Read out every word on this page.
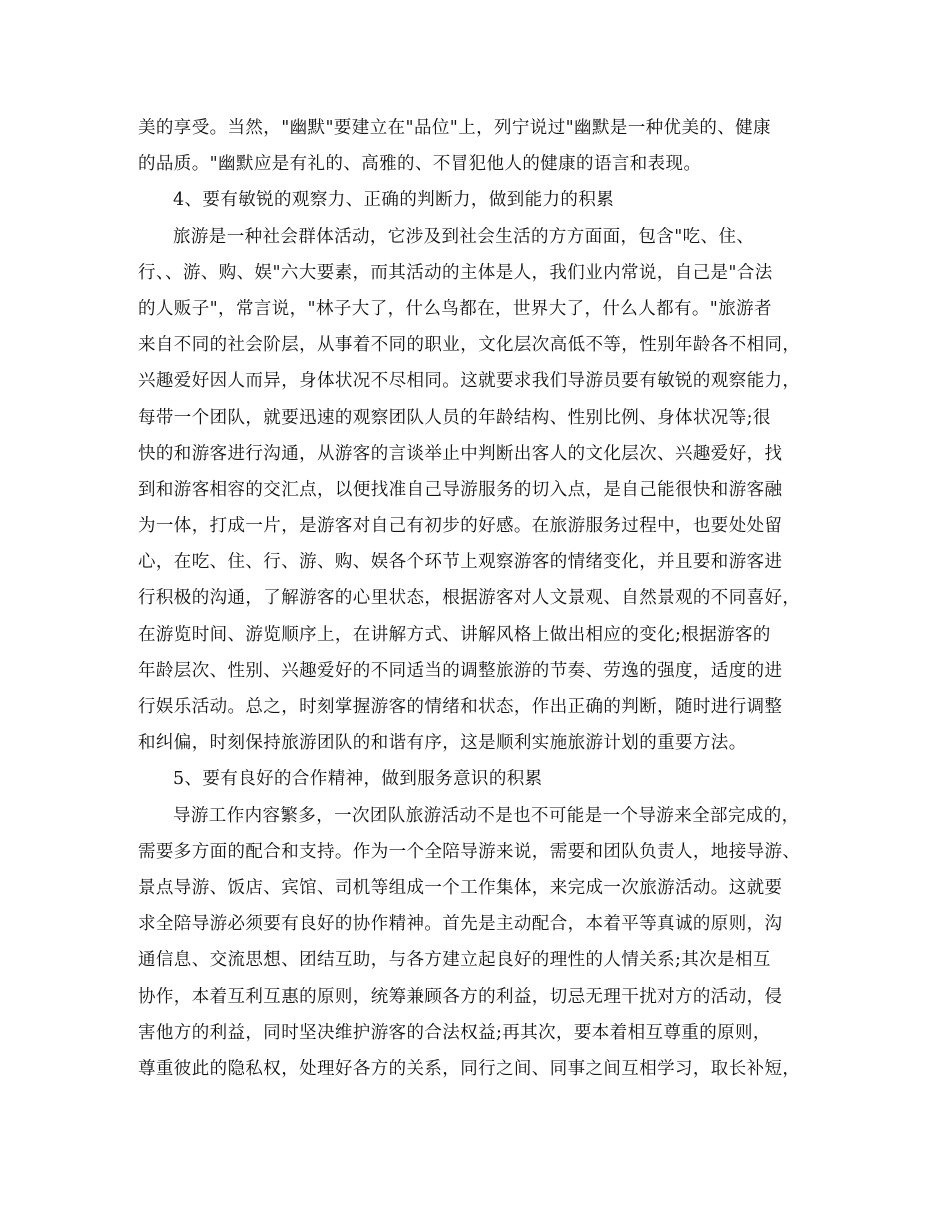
美的享受。当然，"幽默"要建立在"品位"上，列宁说过"幽默是一种优美的、健康
的品质。"幽默应是有礼的、高雅的、不冒犯他人的健康的语言和表现。
4、要有敏锐的观察力、正确的判断力，做到能力的积累
旅游是一种社会群体活动，它涉及到社会生活的方方面面，包含"吃、住、
行、、游、购、娱"六大要素，而其活动的主体是人，我们业内常说，自己是"合法
的人贩子"，常言说，"林子大了，什么鸟都在，世界大了，什么人都有。"旅游者
来自不同的社会阶层，从事着不同的职业，文化层次高低不等，性别年龄各不相同，
兴趣爱好因人而异，身体状况不尽相同。这就要求我们导游员要有敏锐的观察能力，
每带一个团队，就要迅速的观察团队人员的年龄结构、性别比例、身体状况等;很
快的和游客进行沟通，从游客的言谈举止中判断出客人的文化层次、兴趣爱好，找
到和游客相容的交汇点，以便找准自己导游服务的切入点，是自己能很快和游客融
为一体，打成一片，是游客对自己有初步的好感。在旅游服务过程中，也要处处留
心，在吃、住、行、游、购、娱各个环节上观察游客的情绪变化，并且要和游客进
行积极的沟通，了解游客的心里状态，根据游客对人文景观、自然景观的不同喜好，
在游览时间、游览顺序上，在讲解方式、讲解风格上做出相应的变化;根据游客的
年龄层次、性别、兴趣爱好的不同适当的调整旅游的节奏、劳逸的强度，适度的进
行娱乐活动。总之，时刻掌握游客的情绪和状态，作出正确的判断，随时进行调整
和纠偏，时刻保持旅游团队的和谐有序，这是顺利实施旅游计划的重要方法。
5、要有良好的合作精神，做到服务意识的积累
导游工作内容繁多，一次团队旅游活动不是也不可能是一个导游来全部完成的，
需要多方面的配合和支持。作为一个全陪导游来说，需要和团队负责人，地接导游、
景点导游、饭店、宾馆、司机等组成一个工作集体，来完成一次旅游活动。这就要
求全陪导游必须要有良好的协作精神。首先是主动配合，本着平等真诚的原则，沟
通信息、交流思想、团结互助，与各方建立起良好的理性的人情关系;其次是相互
协作，本着互利互惠的原则，统筹兼顾各方的利益，切忌无理干扰对方的活动，侵
害他方的利益，同时坚决维护游客的合法权益;再其次，要本着相互尊重的原则，
尊重彼此的隐私权，处理好各方的关系，同行之间、同事之间互相学习，取长补短，
